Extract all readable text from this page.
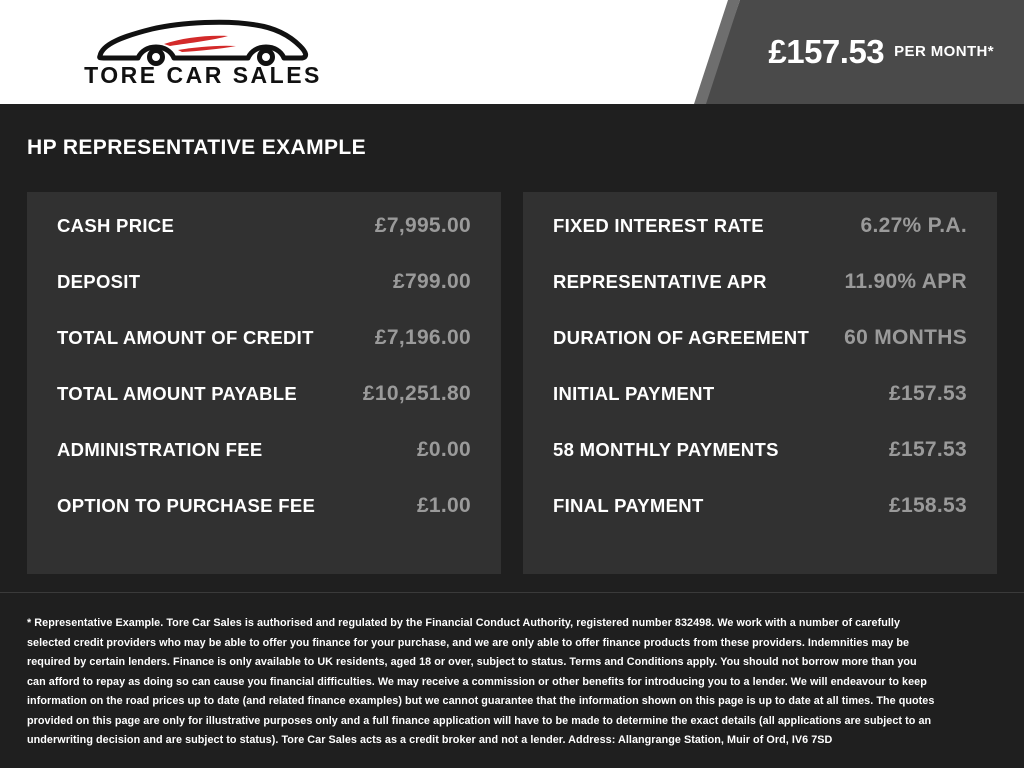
TORE CAR SALES
£157.53 PER MONTH*
HP REPRESENTATIVE EXAMPLE
CASH PRICE	£7,995.00
DEPOSIT	£799.00
TOTAL AMOUNT OF CREDIT	£7,196.00
TOTAL AMOUNT PAYABLE	£10,251.80
ADMINISTRATION FEE	£0.00
OPTION TO PURCHASE FEE	£1.00
FIXED INTEREST RATE	6.27% P.A.
REPRESENTATIVE APR	11.90% APR
DURATION OF AGREEMENT 60 MONTHS
INITIAL PAYMENT	£157.53
58 MONTHLY PAYMENTS	£157.53
FINAL PAYMENT	£158.53
* Representative Example. Tore Car Sales is authorised and regulated by the Financial Conduct Authority, registered number 832498. We work with a number of carefully selected credit providers who may be able to offer you finance for your purchase, and we are only able to offer finance products from these providers. Indemnities may be required by certain lenders. Finance is only available to UK residents, aged 18 or over, subject to status. Terms and Conditions apply. You should not borrow more than you can afford to repay as doing so can cause you financial difficulties. We may receive a commission or other benefits for introducing you to a lender. We will endeavour to keep information on the road prices up to date (and related finance examples) but we cannot guarantee that the information shown on this page is up to date at all times. The quotes provided on this page are only for illustrative purposes only and a full finance application will have to be made to determine the exact details (all applications are subject to an underwriting decision and are subject to status). Tore Car Sales acts as a credit broker and not a lender. Address: Allangrange Station, Muir of Ord, IV6 7SD
